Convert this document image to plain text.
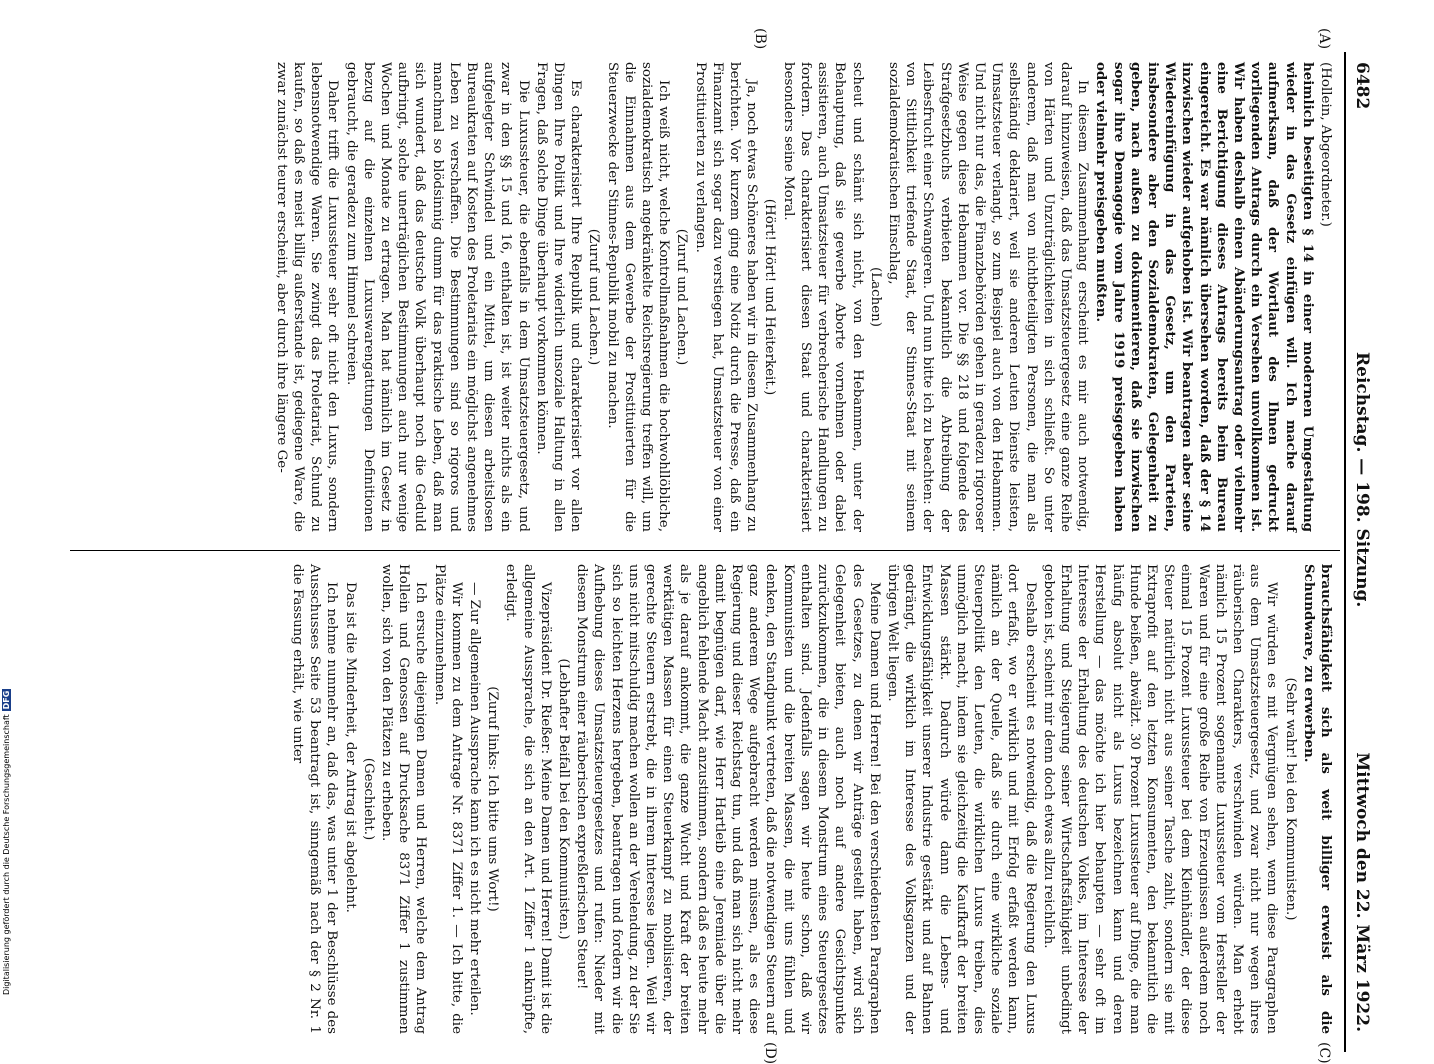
Digitalisierung gefördert durch die Deutsche ForschungsgemeinschaftDFG
6482
Reichstag. — 198. Sitzung.
Mittwoch den 22. März 1922.
(A)
(B)
(C)
(D)

(Hollein, Abgeordneter.)

heimlich beseitigten § 14 in einer modernen Umgestaltung wieder in das Gesetz einfügen will. Ich mache darauf aufmerksam, daß der Wortlaut des Ihnen gedruckt vorliegenden Antrags durch ein Versehen unvollkommen ist. Wir haben deshalb einen Abänderungsantrag oder vielmehr eine Berichtigung dieses Antrags bereits beim Bureau eingereicht. Es war nämlich übersehen worden, daß der § 14 inzwischen wieder aufgehoben ist. Wir beantragen aber seine Wiedereinfügung in das Gesetz, um den Parteien, insbesondere aber den Sozialdemokraten, Gelegenheit zu geben, nach außen zu dokumentieren, daß sie inzwischen sogar ihre Demagogie vom Jahre 1919 preisgegeben haben oder vielmehr preisgeben mußten.

In diesem Zusammenhang erscheint es mir auch notwendig, darauf hinzuweisen, daß das Umsatzsteuergesetz eine ganze Reihe von Härten und Unzuträglichkeiten in sich schließt. So unter anderem, daß man von nichtbeteiligten Personen, die man als selbständig deklariert, weil sie anderen Leuten Dienste leisten, Umsatzsteuer verlangt, so zum Beispiel auch von den Hebammen. Und nicht nur das, die Finanzbehörden gehen in geradezu rigoroser Weise gegen diese Hebammen vor. Die §§ 218 und folgende des Strafgesetzbuchs verbieten bekanntlich die Abtreibung der Leibesfrucht einer Schwangeren. Und nun bitte ich zu beachten: der von Sittlichkeit triefende Staat, der Stinnes-Staat mit seinem sozialdemokratischen Einschlag,

(Lachen)

scheut und schämt sich nicht, von den Hebammen, unter der Behauptung, daß sie gewerbe Aborte vornehmen oder dabei assistieren, auch Umsatzsteuer für verbrecherische Handlungen zu fordern. Das charakterisiert diesen Staat und charakterisiert besonders seine Moral.

(Hört! Hört! und Heiterkeit.)

Ja, noch etwas Schöneres haben wir in diesem Zusammenhang zu berichten. Vor kurzem ging eine Notiz durch die Presse, daß ein Finanzamt sich sogar dazu verstiegen hat, Umsatzsteuer von einer Prostituierten zu verlangen.

(Zuruf und Lachen.)

Ich weiß nicht, welche Kontrollmaßnahmen die hochwohllöbliche, sozialdemokratisch angekränkelte Reichsregierung treffen will, um die Einnahmen aus dem Gewerbe der Prostituierten für die Steuerzwecke der Stinnes-Republik mobil zu machen.

(Zuruf und Lachen.)

Es charakterisiert Ihre Republik und charakterisiert vor allen Dingen Ihre Politik und Ihre widerlich unsoziale Haltung in allen Fragen, daß solche Dinge überhaupt vorkommen können.

Die Luxussteuer, die ebenfalls in dem Umsatzsteuergesetz, und zwar in den §§ 15 und 16, enthalten ist, ist weiter nichts als ein aufgelegter Schwindel und ein Mittel, um diesen arbeitslosen Bureaukraten auf Kosten des Proletariats ein möglichst angenehmes Leben zu verschaffen. Die Bestimmungen sind so rigoros und manchmal so blödsinnig dumm für das praktische Leben, daß man sich wundert, daß das deutsche Volk überhaupt noch die Geduld aufbringt, solche unerträglichen Bestimmungen auch nur wenige Wochen und Monate zu ertragen. Man hat nämlich im Gesetz in bezug auf die einzelnen Luxuswarengattungen Definitionen gebraucht, die geradezu zum Himmel schreien.

Daher trifft die Luxussteuer sehr oft nicht den Luxus, sondern lebensnotwendige Waren. Sie zwingt das Proletariat, Schund zu kaufen, so daß es meist billig außerstande ist, gediegene Ware, die zwar zunächst teurer erscheint, aber durch ihre längere Ge-

brauchsfähigkeit sich als weit billiger erweist als die Schundware, zu erwerben.

(Sehr wahr! bei den Kommunisten.)

Wir würden es mit Vergnügen sehen, wenn diese Paragraphen aus dem Umsatzsteuergesetz, und zwar nicht nur wegen ihres räuberischen Charakters, verschwinden würden. Man erhebt nämlich 15 Prozent sogenannte Luxussteuer vom Hersteller der Waren und für eine große Reihe von Erzeugnissen außerdem noch einmal 15 Prozent Luxussteuer bei dem Kleinhändler, der diese Steuer natürlich nicht aus seiner Tasche zahlt, sondern sie mit Extraprofit auf den letzten Konsumenten, den bekanntlich die Hunde beißen, abwälzt. 30 Prozent Luxussteuer auf Dinge, die man häufig absolut nicht als Luxus bezeichnen kann und deren Herstellung — das möchte ich hier behaupten — sehr oft im Interesse der Erhaltung des deutschen Volkes, im Interesse der Erhaltung und Steigerung seiner Wirtschaftsfähigkeit unbedingt geboten ist, scheint mir denn doch etwas allzu reichlich.

Deshalb erscheint es notwendig, daß die Regierung den Luxus dort erfaßt, wo er wirklich und mit Erfolg erfaßt werden kann, nämlich an der Quelle, daß sie durch eine wirkliche soziale Steuerpolitik den Leuten, die wirklichen Luxus treiben, dies unmöglich macht, indem sie gleichzeitig die Kaufkraft der breiten Massen stärkt. Dadurch würde dann die Lebens- und Entwicklungsfähigkeit unserer Industrie gestärkt und auf Bahnen gedrängt, die wirklich im Interesse des Volksganzen und der übrigen Welt liegen.

Meine Damen und Herren! Bei den verschiedensten Paragraphen des Gesetzes, zu denen wir Anträge gestellt haben, wird sich Gelegenheit bieten, auch noch auf andere Gesichtspunkte zurückzukommen, die in diesem Monstrum eines Steuergesetzes enthalten sind. Jedenfalls sagen wir heute schon, daß wir Kommunisten und die breiten Massen, die mit uns fühlen und denken, den Standpunkt vertreten, daß die notwendigen Steuern auf ganz anderem Wege aufgebracht werden müssen, als es diese Regierung und dieser Reichstag tun, und daß man sich nicht mehr damit begnügen darf, wie Herr Hartleib eine Jeremiade über die angeblich fehlende Macht anzustimmen, sondern daß es heute mehr als je darauf ankommt, die ganze Wucht und Kraft der breiten werktätigen Massen für einen Steuerkampf zu mobilisieren, der gerechte Steuern erstrebt, die in ihrem Interesse liegen. Weil wir uns nicht mitschuldig machen wollen an der Verelendung, zu der Sie sich so leichten Herzens hergeben, beantragen und fordern wir die Aufhebung dieses Umsatzsteuergesetzes und rufen: Nieder mit diesem Monstrum einer räuberischen expreßlerischen Steuer!

(Lebhafter Beifall bei den Kommunisten.)

Vizepräsident Dr. Rießer: Meine Damen und Herren! Damit ist die allgemeine Aussprache, die sich an den Art. 1 Ziffer 1 anknüpfte, erledigt.

(Zuruf links: Ich bitte ums Wort!)

— Zur allgemeinen Aussprache kann ich es nicht mehr erteilen.

Wir kommen zu dem Antrage Nr. 8371 Ziffer 1. — Ich bitte, die Plätze einzunehmen.

Ich ersuche diejenigen Damen und Herren, welche dem Antrag Hollein und Genossen auf Drucksache 8371 Ziffer 1 zustimmen wollen, sich von den Plätzen zu erheben.

(Geschieht.)

Das ist die Minderheit, der Antrag ist abgelehnt.

Ich nehme nunmehr an, daß das, was unter 1 der Beschlüsse des Ausschusses Seite 53 beantragt ist, sinngemäß nach der § 2 Nr. 1 die Fassung erhält, wie unter
